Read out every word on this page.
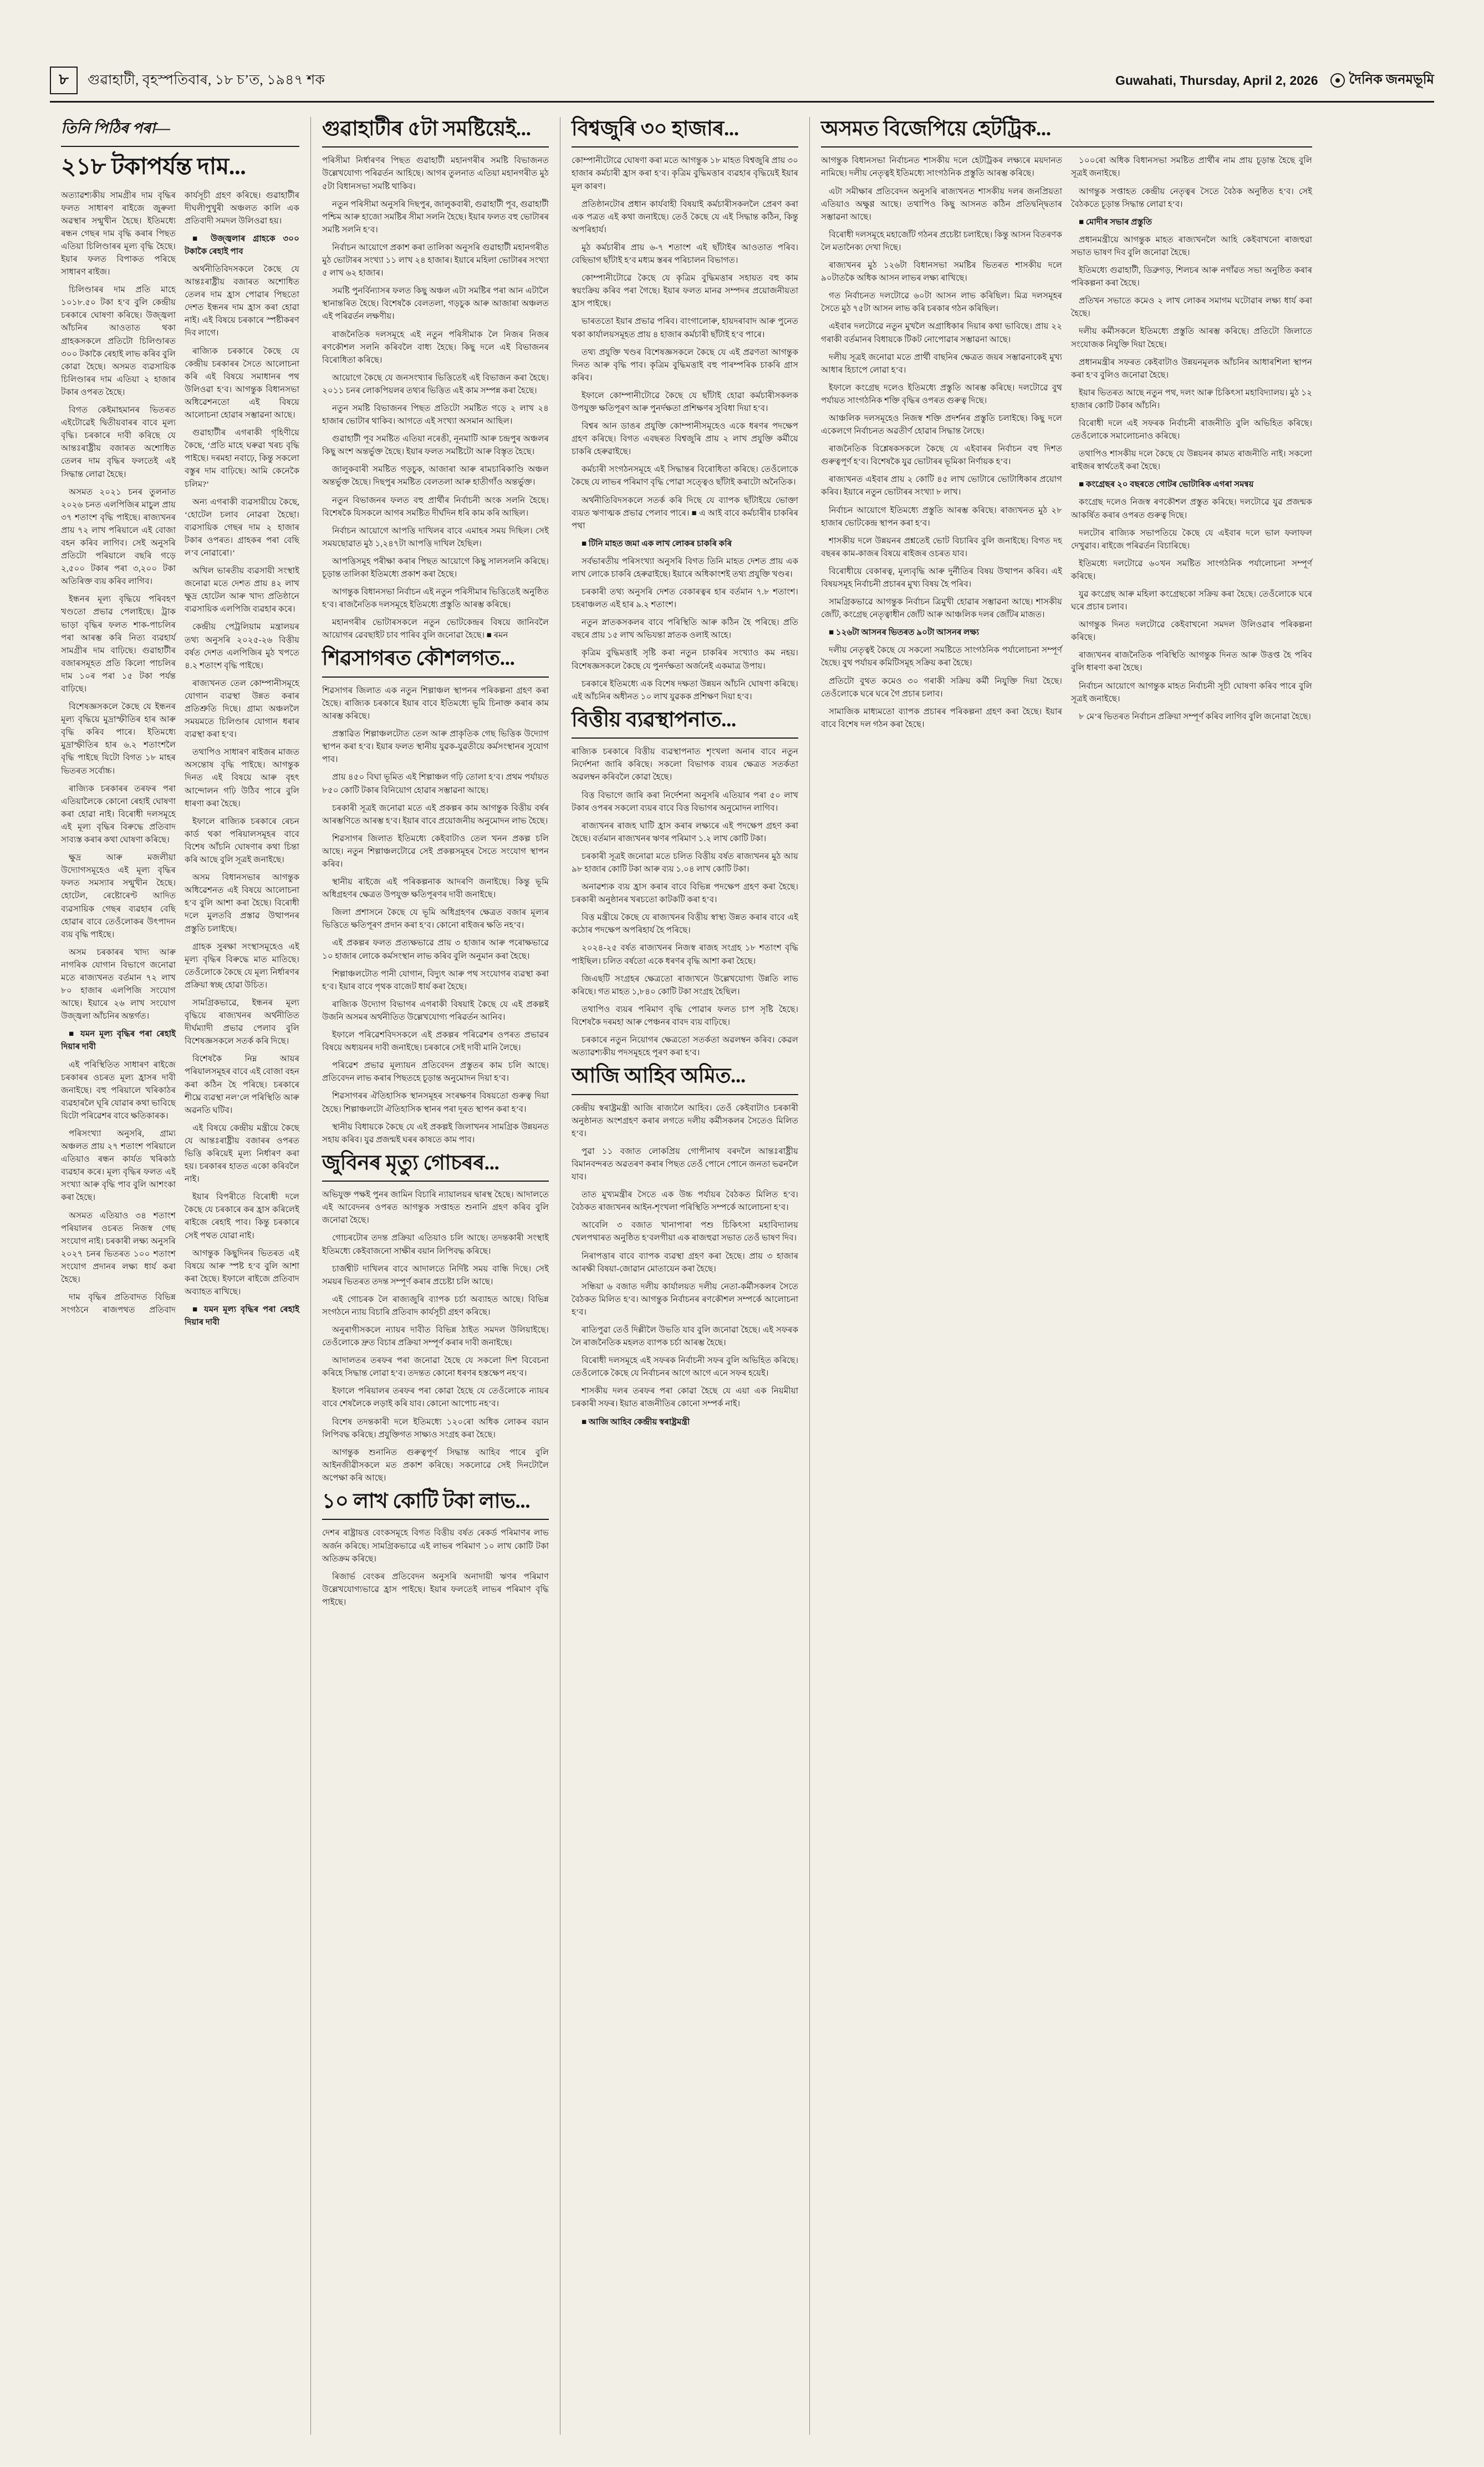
৮	গুৱাহাটী, বৃহস্পতিবাৰ, ১৮ চ’ত, ১৯৪৭ শক	Guwahati, Thursday, April 2, 2026 দৈনিক জনমভূমি
তিনি পিঠিৰ পৰা—
২১৮ টকাপৰ্যন্ত দাম...

অত্যাৱশ্যকীয় সামগ্ৰীৰ দাম বৃদ্ধিৰ ফলত সাধাৰণ ৰাইজে জুৰুলা অৱস্থাৰ সন্মুখীন হৈছে। ইতিমধ্যে ৰন্ধন গেছৰ দাম বৃদ্ধি কৰাৰ পিছত এতিয়া চিলিণ্ডাৰৰ মূল্য বৃদ্ধি হৈছে। ইয়াৰ ফলত বিপাকত পৰিছে সাধাৰণ ৰাইজ।

চিলিণ্ডাৰৰ দাম প্ৰতি মাহে ১০১৮.৫০ টকা হ’ব বুলি কেন্দ্ৰীয় চৰকাৰে ঘোষণা কৰিছে। উজ্জ্বলা আঁচনিৰ আওতাত থকা গ্ৰাহকসকলে প্ৰতিটো চিলিণ্ডাৰত ৩০০ টকাকৈ ৰেহাই লাভ কৰিব বুলি কোৱা হৈছে। অসমত ব্যৱসায়িক চিলিণ্ডাৰৰ দাম এতিয়া ২ হাজাৰ টকাৰ ওপৰত হৈছে।

বিগত কেইমাহমানৰ ভিতৰত এইটোৱেই দ্বিতীয়বাৰৰ বাবে মূল্য বৃদ্ধি। চৰকাৰে দাবী কৰিছে যে আন্তঃৰাষ্ট্ৰীয় বজাৰত অশোধিত তেলৰ দাম বৃদ্ধিৰ ফলতেই এই সিদ্ধান্ত লোৱা হৈছে।

অসমত ২০২১ চনৰ তুলনাত ২০২৬ চনত এলপিজিৰ মাচুল প্ৰায় ৩৭ শতাংশ বৃদ্ধি পাইছে। ৰাজ্যখনৰ প্ৰায় ৭২ লাখ পৰিয়ালে এই বোজা বহন কৰিব লাগিব। সেই অনুসৰি প্ৰতিটো পৰিয়ালে বছৰি গড়ে ২,৫০০ টকাৰ পৰা ৩,২০০ টকা অতিৰিক্ত ব্যয় কৰিব লাগিব।

ইন্ধনৰ মূল্য বৃদ্ধিয়ে পৰিবহণ খণ্ডতো প্ৰভাৱ পেলাইছে। ট্ৰাক ভাড়া বৃদ্ধিৰ ফলত শাক-পাচলিৰ পৰা আৰম্ভ কৰি নিত্য ব্যৱহাৰ্য সামগ্ৰীৰ দাম বাঢ়িছে। গুৱাহাটীৰ বজাৰসমূহত প্ৰতি কিলো পাচলিৰ দাম ১০ৰ পৰা ১৫ টকা পৰ্যন্ত বাঢ়িছে।

বিশেষজ্ঞসকলে কৈছে যে ইন্ধনৰ মূল্য বৃদ্ধিয়ে মুদ্ৰাস্ফীতিৰ হাৰ আৰু বৃদ্ধি কৰিব পাৰে। ইতিমধ্যে মুদ্ৰাস্ফীতিৰ হাৰ ৬.২ শতাংশলৈ বৃদ্ধি পাইছে যিটো বিগত ১৮ মাহৰ ভিতৰত সৰ্বোচ্চ।

ৰাজ্যিক চৰকাৰৰ তৰফৰ পৰা এতিয়ালৈকে কোনো ৰেহাই ঘোষণা কৰা হোৱা নাই। বিৰোধী দলসমূহে এই মূল্য বৃদ্ধিৰ বিৰুদ্ধে প্ৰতিবাদ সাব্যস্ত কৰাৰ কথা ঘোষণা কৰিছে।

ক্ষুদ্ৰ আৰু মজলীয়া উদ্যোগসমূহেও এই মূল্য বৃদ্ধিৰ ফলত সমস্যাৰ সন্মুখীন হৈছে। হোটেল, ৰেষ্টোৰেণ্ট আদিত ব্যৱসায়িক গেছৰ ব্যৱহাৰ বেছি হোৱাৰ বাবে তেওঁলোকৰ উৎপাদন ব্যয় বৃদ্ধি পাইছে।

অসম চৰকাৰৰ খাদ্য আৰু নাগৰিক যোগান বিভাগে জনোৱা মতে ৰাজ্যখনত বৰ্তমান ৭২ লাখ ৮০ হাজাৰ এলপিজি সংযোগ আছে। ইয়াৰে ২৬ লাখ সংযোগ উজ্জ্বলা আঁচনিৰ অন্তৰ্গত।

■ যমন মূল্য বৃদ্ধিৰ পৰা ৰেহাই দিয়াৰ দাবী

এই পৰিস্থিতিত সাধাৰণ ৰাইজে চৰকাৰৰ ওচৰত মূল্য হ্ৰাসৰ দাবী জনাইছে। বহু পৰিয়ালে খৰিকাঠৰ ব্যৱহাৰলৈ ঘূৰি যোৱাৰ কথা ভাবিছে যিটো পৰিৱেশৰ বাবে ক্ষতিকাৰক।

পৰিসংখ্যা অনুসৰি, গ্ৰাম্য অঞ্চলত প্ৰায় ২৭ শতাংশ পৰিয়ালে এতিয়াও ৰন্ধন কাৰ্যত খৰিকাঠ ব্যৱহাৰ কৰে। মূল্য বৃদ্ধিৰ ফলত এই সংখ্যা আৰু বৃদ্ধি পাব বুলি আশংকা কৰা হৈছে।

অসমত এতিয়াও ৩৪ শতাংশ পৰিয়ালৰ ওচৰত নিজস্ব গেছ সংযোগ নাই। চৰকাৰী লক্ষ্য অনুসৰি ২০২৭ চনৰ ভিতৰত ১০০ শতাংশ সংযোগ প্ৰদানৰ লক্ষ্য ধাৰ্য কৰা হৈছে।

দাম বৃদ্ধিৰ প্ৰতিবাদত বিভিন্ন সংগঠনে ৰাজপথত প্ৰতিবাদ কাৰ্যসূচী গ্ৰহণ কৰিছে। গুৱাহাটীৰ দীঘলীপুখুৰী অঞ্চলত কালি এক প্ৰতিবাদী সমদল উলিওৱা হয়।

■ উজ্জ্বলাৰ গ্ৰাহকে ৩০০ টকাকৈ ৰেহাই পাব

অৰ্থনীতিবিদসকলে কৈছে যে আন্তঃৰাষ্ট্ৰীয় বজাৰত অশোধিত তেলৰ দাম হ্ৰাস পোৱাৰ পিছতো দেশত ইন্ধনৰ দাম হ্ৰাস কৰা হোৱা নাই। এই বিষয়ে চৰকাৰে স্পষ্টীকৰণ দিব লাগে।

ৰাজ্যিক চৰকাৰে কৈছে যে কেন্দ্ৰীয় চৰকাৰৰ সৈতে আলোচনা কৰি এই বিষয়ে সমাধানৰ পথ উলিওৱা হ’ব। আগন্তুক বিধানসভা অধিৱেশনতো এই বিষয়ে আলোচনা হোৱাৰ সম্ভাৱনা আছে।

গুৱাহাটীৰ এগৰাকী গৃহিণীয়ে কৈছে, ‘প্ৰতি মাহে ঘৰুৱা খৰচ বৃদ্ধি পাইছে। দৰমহা নবাঢ়ে, কিন্তু সকলো বস্তুৰ দাম বাঢ়িছে। আমি কেনেকৈ চলিম?’

অন্য এগৰাকী ব্যৱসায়ীয়ে কৈছে, ‘হোটেল চলাব নোৱৰা হৈছো। ব্যৱসায়িক গেছৰ দাম ২ হাজাৰ টকাৰ ওপৰত। গ্ৰাহকৰ পৰা বেছি ল’ব নোৱাৰো।’

অখিল ভাৰতীয় ব্যৱসায়ী সংস্থাই জনোৱা মতে দেশত প্ৰায় ৪২ লাখ ক্ষুদ্ৰ হোটেল আৰু খাদ্য প্ৰতিষ্ঠানে ব্যৱসায়িক এলপিজি ব্যৱহাৰ কৰে।

কেন্দ্ৰীয় পেট্ৰলিয়াম মন্ত্ৰালয়ৰ তথ্য অনুসৰি ২০২৫-২৬ বিত্তীয় বৰ্ষত দেশত এলপিজিৰ মুঠ খপতে ৪.২ শতাংশ বৃদ্ধি পাইছে।

ৰাজ্যখনত তেল কোম্পানীসমূহে যোগান ব্যৱস্থা উন্নত কৰাৰ প্ৰতিশ্ৰুতি দিছে। গ্ৰাম্য অঞ্চললৈ সময়মতে চিলিণ্ডাৰ যোগান ধৰাৰ ব্যৱস্থা কৰা হ’ব।

তথাপিও সাধাৰণ ৰাইজৰ মাজত অসন্তোষ বৃদ্ধি পাইছে। আগন্তুক দিনত এই বিষয়ে আৰু বৃহৎ আন্দোলন গঢ়ি উঠিব পাৰে বুলি ধাৰণা কৰা হৈছে।

ইফালে ৰাজ্যিক চৰকাৰে ৰেচন কাৰ্ড থকা পৰিয়ালসমূহৰ বাবে বিশেষ আঁচনি ঘোষণাৰ কথা চিন্তা কৰি আছে বুলি সূত্ৰই জনাইছে।

অসম বিধানসভাৰ আগন্তুক অধিৱেশনত এই বিষয়ে আলোচনা হ’ব বুলি আশা কৰা হৈছে। বিৰোধী দলে মুলতবি প্ৰস্তাৱ উত্থাপনৰ প্ৰস্তুতি চলাইছে।

গ্ৰাহক সুৰক্ষা সংস্থাসমূহেও এই মূল্য বৃদ্ধিৰ বিৰুদ্ধে মাত মাতিছে। তেওঁলোকে কৈছে যে মূল্য নিৰ্ধাৰণৰ প্ৰক্ৰিয়া স্বচ্ছ হোৱা উচিত।

সামগ্ৰিকভাৱে, ইন্ধনৰ মূল্য বৃদ্ধিয়ে ৰাজ্যখনৰ অৰ্থনীতিত দীৰ্ঘম্যাদী প্ৰভাৱ পেলাব বুলি বিশেষজ্ঞসকলে সতৰ্ক কৰি দিছে।

বিশেষকৈ নিম্ন আয়ৰ পৰিয়ালসমূহৰ বাবে এই বোজা বহন কৰা কঠিন হৈ পৰিছে। চৰকাৰে শীঘ্ৰে ব্যৱস্থা নল’লে পৰিস্থিতি আৰু অৱনতি ঘটিব।

এই বিষয়ে কেন্দ্ৰীয় মন্ত্ৰীয়ে কৈছে যে আন্তঃৰাষ্ট্ৰীয় বজাৰৰ ওপৰত ভিত্তি কৰিয়েই মূল্য নিৰ্ধাৰণ কৰা হয়। চৰকাৰৰ হাতত একো কৰিবলৈ নাই।

ইয়াৰ বিপৰীতে বিৰোধী দলে কৈছে যে চৰকাৰে কৰ হ্ৰাস কৰিলেই ৰাইজে ৰেহাই পাব। কিন্তু চৰকাৰে সেই পথত যোৱা নাই।

আগন্তুক কিছুদিনৰ ভিতৰত এই বিষয়ে আৰু স্পষ্ট হ’ব বুলি আশা কৰা হৈছে। ইফালে ৰাইজে প্ৰতিবাদ অব্যাহত ৰাখিছে।

■ যমন মূল্য বৃদ্ধিৰ পৰা ৰেহাই দিয়াৰ দাবী

গুৱাহাটীৰ ৫টা সমষ্টিয়েই...

পৰিসীমা নিৰ্ধাৰণৰ পিছত গুৱাহাটী মহানগৰীৰ সমষ্টি বিভাজনত উল্লেখযোগ্য পৰিৱৰ্তন আহিছে। আগৰ তুলনাত এতিয়া মহানগৰীত মুঠ ৫টা বিধানসভা সমষ্টি থাকিব।

নতুন পৰিসীমা অনুসৰি দিছপুৰ, জালুকবাৰী, গুৱাহাটী পূব, গুৱাহাটী পশ্চিম আৰু হাজো সমষ্টিৰ সীমা সলনি হৈছে। ইয়াৰ ফলত বহু ভোটাৰৰ সমষ্টি সলনি হ’ব।

নিৰ্বাচন আয়োগে প্ৰকাশ কৰা তালিকা অনুসৰি গুৱাহাটী মহানগৰীত মুঠ ভোটাৰৰ সংখ্যা ১১ লাখ ২৪ হাজাৰ। ইয়াৰে মহিলা ভোটাৰৰ সংখ্যা ৫ লাখ ৬২ হাজাৰ।

সমষ্টি পুনৰ্বিন্যাসৰ ফলত কিছু অঞ্চল এটা সমষ্টিৰ পৰা আন এটালৈ স্থানান্তৰিত হৈছে। বিশেষকৈ বেলতলা, গড়চুক আৰু আজাৰা অঞ্চলত এই পৰিৱৰ্তন লক্ষণীয়।

ৰাজনৈতিক দলসমূহে এই নতুন পৰিসীমাক লৈ নিজৰ নিজৰ ৰণকৌশল সলনি কৰিবলৈ বাধ্য হৈছে। কিছু দলে এই বিভাজনৰ বিৰোধিতা কৰিছে।

আয়োগে কৈছে যে জনসংখ্যাৰ ভিত্তিতেই এই বিভাজন কৰা হৈছে। ২০১১ চনৰ লোকপিয়লৰ তথ্যৰ ভিত্তিত এই কাম সম্পন্ন কৰা হৈছে।

নতুন সমষ্টি বিভাজনৰ পিছত প্ৰতিটো সমষ্টিত গড়ে ২ লাখ ২৪ হাজাৰ ভোটাৰ থাকিব। আগতে এই সংখ্যা অসমান আছিল।

গুৱাহাটী পূব সমষ্টিত এতিয়া নৰেঙী, নূনমাটি আৰু চন্দ্ৰপুৰ অঞ্চলৰ কিছু অংশ অন্তৰ্ভুক্ত হৈছে। ইয়াৰ ফলত সমষ্টিটো আৰু বিস্তৃত হৈছে।

জালুকবাৰী সমষ্টিত গড়চুক, আজাৰা আৰু ৰামচাৰিকাণ্ডি অঞ্চল অন্তৰ্ভুক্ত হৈছে। দিছপুৰ সমষ্টিত বেলতলা আৰু হাতীগাঁও অন্তৰ্ভুক্ত।

নতুন বিভাজনৰ ফলত বহু প্ৰাৰ্থীৰ নিৰ্বাচনী অংক সলনি হৈছে। বিশেষকৈ যিসকলে আগৰ সমষ্টিত দীৰ্ঘদিন ধৰি কাম কৰি আছিল।

নিৰ্বাচন আয়োগে আপত্তি দাখিলৰ বাবে এমাহৰ সময় দিছিল। সেই সময়ছোৱাত মুঠ ১,২৪৭টা আপত্তি দাখিল হৈছিল।

আপত্তিসমূহ পৰীক্ষা কৰাৰ পিছত আয়োগে কিছু সালসলনি কৰিছে। চূড়ান্ত তালিকা ইতিমধ্যে প্ৰকাশ কৰা হৈছে।

আগন্তুক বিধানসভা নিৰ্বাচন এই নতুন পৰিসীমাৰ ভিত্তিতেই অনুষ্ঠিত হ’ব। ৰাজনৈতিক দলসমূহে ইতিমধ্যে প্ৰস্তুতি আৰম্ভ কৰিছে।

মহানগৰীৰ ভোটাৰসকলে নতুন ভোটকেন্দ্ৰৰ বিষয়ে জানিবলৈ আয়োগৰ ৱেবছাইট চাব পাৰিব বুলি জনোৱা হৈছে। ■ ৰমন

শিৱসাগৰত কৌশলগত...

শিৱসাগৰ জিলাত এক নতুন শিল্পাঞ্চল স্থাপনৰ পৰিকল্পনা গ্ৰহণ কৰা হৈছে। ৰাজ্যিক চৰকাৰে ইয়াৰ বাবে ইতিমধ্যে ভূমি চিনাক্ত কৰাৰ কাম আৰম্ভ কৰিছে।

প্ৰস্তাৱিত শিল্পাঞ্চলটোত তেল আৰু প্ৰাকৃতিক গেছ ভিত্তিক উদ্যোগ স্থাপন কৰা হ’ব। ইয়াৰ ফলত স্থানীয় যুৱক-যুৱতীয়ে কৰ্মসংস্থানৰ সুযোগ পাব।

প্ৰায় ৪৫০ বিঘা ভূমিত এই শিল্পাঞ্চল গঢ়ি তোলা হ’ব। প্ৰথম পৰ্যায়ত ৮৫০ কোটি টকাৰ বিনিয়োগ হোৱাৰ সম্ভাৱনা আছে।

চৰকাৰী সূত্ৰই জনোৱা মতে এই প্ৰকল্পৰ কাম আগন্তুক বিত্তীয় বৰ্ষৰ আৰম্ভণিতে আৰম্ভ হ’ব। ইয়াৰ বাবে প্ৰয়োজনীয় অনুমোদন লাভ হৈছে।

শিৱসাগৰ জিলাত ইতিমধ্যে কেইবাটাও তেল খনন প্ৰকল্প চলি আছে। নতুন শিল্পাঞ্চলটোৱে সেই প্ৰকল্পসমূহৰ সৈতে সংযোগ স্থাপন কৰিব।

স্থানীয় ৰাইজে এই পৰিকল্পনাক আদৰণি জনাইছে। কিন্তু ভূমি অধিগ্ৰহণৰ ক্ষেত্ৰত উপযুক্ত ক্ষতিপূৰণৰ দাবী জনাইছে।

জিলা প্ৰশাসনে কৈছে যে ভূমি অধিগ্ৰহণৰ ক্ষেত্ৰত বজাৰ মূল্যৰ ভিত্তিতে ক্ষতিপূৰণ প্ৰদান কৰা হ’ব। কোনো ৰাইজৰ ক্ষতি নহ’ব।

এই প্ৰকল্পৰ ফলত প্ৰত্যক্ষভাৱে প্ৰায় ৩ হাজাৰ আৰু পৰোক্ষভাৱে ১০ হাজাৰ লোকে কৰ্মসংস্থান লাভ কৰিব বুলি অনুমান কৰা হৈছে।

শিল্পাঞ্চলটোত পানী যোগান, বিদ্যুৎ আৰু পথ সংযোগৰ ব্যৱস্থা কৰা হ’ব। ইয়াৰ বাবে পৃথক বাজেট ধাৰ্য কৰা হৈছে।

ৰাজ্যিক উদ্যোগ বিভাগৰ এগৰাকী বিষয়াই কৈছে যে এই প্ৰকল্পই উজনি অসমৰ অৰ্থনীতিত উল্লেখযোগ্য পৰিৱৰ্তন আনিব।

ইফালে পৰিৱেশবিদসকলে এই প্ৰকল্পৰ পৰিৱেশৰ ওপৰত প্ৰভাৱৰ বিষয়ে অধ্যয়নৰ দাবী জনাইছে। চৰকাৰে সেই দাবী মানি লৈছে।

পৰিৱেশ প্ৰভাৱ মূল্যায়ন প্ৰতিবেদন প্ৰস্তুতৰ কাম চলি আছে। প্ৰতিবেদন লাভ কৰাৰ পিছতহে চূড়ান্ত অনুমোদন দিয়া হ’ব।

শিৱসাগৰৰ ঐতিহাসিক স্থানসমূহৰ সংৰক্ষণৰ বিষয়তো গুৰুত্ব দিয়া হৈছে। শিল্পাঞ্চলটো ঐতিহাসিক স্থানৰ পৰা দূৰত স্থাপন কৰা হ’ব।

স্থানীয় বিধায়কে কৈছে যে এই প্ৰকল্পই জিলাখনৰ সামগ্ৰিক উন্নয়নত সহায় কৰিব। যুৱ প্ৰজন্মই ঘৰৰ কাষতে কাম পাব।

জুবিনৰ মৃত্যু গোচৰৰ...

অভিযুক্ত পক্ষই পুনৰ জামিন বিচাৰি ন্যায়ালয়ৰ দ্বাৰস্থ হৈছে। আদালতে এই আবেদনৰ ওপৰত আগন্তুক সপ্তাহত শুনানি গ্ৰহণ কৰিব বুলি জনোৱা হৈছে।

গোচৰটোৰ তদন্ত প্ৰক্ৰিয়া এতিয়াও চলি আছে। তদন্তকাৰী সংস্থাই ইতিমধ্যে কেইবাজনো সাক্ষীৰ বয়ান লিপিবদ্ধ কৰিছে।

চাৰ্জশ্বীট দাখিলৰ বাবে আদালতে নিৰ্দিষ্ট সময় বান্ধি দিছে। সেই সময়ৰ ভিতৰত তদন্ত সম্পূৰ্ণ কৰাৰ প্ৰচেষ্টা চলি আছে।

এই গোচৰক লৈ ৰাজ্যজুৰি ব্যাপক চৰ্চা অব্যাহত আছে। বিভিন্ন সংগঠনে ন্যায় বিচাৰি প্ৰতিবাদ কাৰ্যসূচী গ্ৰহণ কৰিছে।

অনুৰাগীসকলে ন্যায়ৰ দাবীত বিভিন্ন ঠাইত সমদল উলিয়াইছে। তেওঁলোকে দ্ৰুত বিচাৰ প্ৰক্ৰিয়া সম্পূৰ্ণ কৰাৰ দাবী জনাইছে।

আদালতৰ তৰফৰ পৰা জনোৱা হৈছে যে সকলো দিশ বিবেচনা কৰিহে সিদ্ধান্ত লোৱা হ’ব। তদন্তত কোনো ধৰণৰ হস্তক্ষেপ নহ’ব।

ইফালে পৰিয়ালৰ তৰফৰ পৰা কোৱা হৈছে যে তেওঁলোকে ন্যায়ৰ বাবে শেষলৈকে লড়াই কৰি যাব। কোনো আপোচ নহ’ব।

বিশেষ তদন্তকাৰী দলে ইতিমধ্যে ১২০ৰো অধিক লোকৰ বয়ান লিপিবদ্ধ কৰিছে। প্ৰযুক্তিগত সাক্ষ্যও সংগ্ৰহ কৰা হৈছে।

আগন্তুক শুনানিত গুৰুত্বপূৰ্ণ সিদ্ধান্ত আহিব পাৰে বুলি আইনজীৱীসকলে মত প্ৰকাশ কৰিছে। সকলোৱে সেই দিনটোলৈ অপেক্ষা কৰি আছে।

১০ লাখ কোটি টকা লাভ...

দেশৰ ৰাষ্ট্ৰায়ত্ত বেংকসমূহে বিগত বিত্তীয় বৰ্ষত ৰেকৰ্ড পৰিমাণৰ লাভ অৰ্জন কৰিছে। সামগ্ৰিকভাৱে এই লাভৰ পৰিমাণ ১০ লাখ কোটি টকা অতিক্ৰম কৰিছে।

ৰিজাৰ্ভ বেংকৰ প্ৰতিবেদন অনুসৰি অনাদায়ী ঋণৰ পৰিমাণ উল্লেখযোগ্যভাৱে হ্ৰাস পাইছে। ইয়াৰ ফলতেই লাভৰ পৰিমাণ বৃদ্ধি পাইছে।

বিশ্বজুৰি ৩০ হাজাৰ...

কোম্পানীটোৱে ঘোষণা কৰা মতে আগন্তুক ১৮ মাহত বিশ্বজুৰি প্ৰায় ৩০ হাজাৰ কৰ্মচাৰী হ্ৰাস কৰা হ’ব। কৃত্ৰিম বুদ্ধিমত্তাৰ ব্যৱহাৰ বৃদ্ধিয়েই ইয়াৰ মূল কাৰণ।

প্ৰতিষ্ঠানটোৰ প্ৰধান কাৰ্যবাহী বিষয়াই কৰ্মচাৰীসকললৈ প্ৰেৰণ কৰা এক পত্ৰত এই কথা জনাইছে। তেওঁ কৈছে যে এই সিদ্ধান্ত কঠিন, কিন্তু অপৰিহাৰ্য।

মুঠ কৰ্মচাৰীৰ প্ৰায় ৬-৭ শতাংশ এই ছাঁটাইৰ আওতাত পৰিব। বেছিভাগ ছাঁটাই হ’ব মধ্যম স্তৰৰ পৰিচালন বিভাগত।

কোম্পানীটোৱে কৈছে যে কৃত্ৰিম বুদ্ধিমত্তাৰ সহায়ত বহু কাম স্বয়ংক্ৰিয় কৰিব পৰা গৈছে। ইয়াৰ ফলত মানৱ সম্পদৰ প্ৰয়োজনীয়তা হ্ৰাস পাইছে।

ভাৰততো ইয়াৰ প্ৰভাৱ পৰিব। বাংগালোৰু, হায়দৰাবাদ আৰু পুনেত থকা কাৰ্যালয়সমূহত প্ৰায় ৪ হাজাৰ কৰ্মচাৰী ছাঁটাই হ’ব পাৰে।

তথ্য প্ৰযুক্তি খণ্ডৰ বিশেষজ্ঞসকলে কৈছে যে এই প্ৰৱণতা আগন্তুক দিনত আৰু বৃদ্ধি পাব। কৃত্ৰিম বুদ্ধিমত্তাই বহু পাৰম্পৰিক চাকৰি গ্ৰাস কৰিব।

ইফালে কোম্পানীটোৱে কৈছে যে ছাঁটাই হোৱা কৰ্মচাৰীসকলক উপযুক্ত ক্ষতিপূৰণ আৰু পুনৰ্দক্ষতা প্ৰশিক্ষণৰ সুবিধা দিয়া হ’ব।

বিশ্বৰ আন ডাঙৰ প্ৰযুক্তি কোম্পানীসমূহেও একে ধৰণৰ পদক্ষেপ গ্ৰহণ কৰিছে। বিগত এবছৰত বিশ্বজুৰি প্ৰায় ২ লাখ প্ৰযুক্তি কৰ্মীয়ে চাকৰি হেৰুৱাইছে।

কৰ্মচাৰী সংগঠনসমূহে এই সিদ্ধান্তৰ বিৰোধিতা কৰিছে। তেওঁলোকে কৈছে যে লাভৰ পৰিমাণ বৃদ্ধি পোৱা সত্ত্বেও ছাঁটাই কৰাটো অনৈতিক।

অৰ্থনীতিবিদসকলে সতৰ্ক কৰি দিছে যে ব্যাপক ছাঁটাইয়ে ভোক্তা ব্যয়ত ঋণাত্মক প্ৰভাৱ পেলাব পাৰে। ■ এ আই বাবে কৰ্মচাৰীৰ চাকৰিৰ পথা

■ টিনি মাহত জমা এক লাখ লোকৰ চাকৰি কৰি

সৰ্বভাৰতীয় পৰিসংখ্যা অনুসৰি বিগত তিনি মাহত দেশত প্ৰায় এক লাখ লোকে চাকৰি হেৰুৱাইছে। ইয়াৰে অধিকাংশই তথ্য প্ৰযুক্তি খণ্ডৰ।

চৰকাৰী তথ্য অনুসৰি দেশত বেকাৰত্বৰ হাৰ বৰ্তমান ৭.৮ শতাংশ। চহৰাঞ্চলত এই হাৰ ৯.২ শতাংশ।

নতুন স্নাতকসকলৰ বাবে পৰিস্থিতি আৰু কঠিন হৈ পৰিছে। প্ৰতি বছৰে প্ৰায় ১৫ লাখ অভিযন্তা স্নাতক ওলাই আহে।

কৃত্ৰিম বুদ্ধিমত্তাই সৃষ্টি কৰা নতুন চাকৰিৰ সংখ্যাও কম নহয়। বিশেষজ্ঞসকলে কৈছে যে পুনৰ্দক্ষতা অৰ্জনেই একমাত্ৰ উপায়।

চৰকাৰে ইতিমধ্যে এক বিশেষ দক্ষতা উন্নয়ন আঁচনি ঘোষণা কৰিছে। এই আঁচনিৰ অধীনত ১০ লাখ যুৱকক প্ৰশিক্ষণ দিয়া হ’ব।

বিত্তীয় ব্যৱস্থাপনাত...

ৰাজ্যিক চৰকাৰে বিত্তীয় ব্যৱস্থাপনাত শৃংখলা অনাৰ বাবে নতুন নিৰ্দেশনা জাৰি কৰিছে। সকলো বিভাগক ব্যয়ৰ ক্ষেত্ৰত সতৰ্কতা অৱলম্বন কৰিবলৈ কোৱা হৈছে।

বিত্ত বিভাগে জাৰি কৰা নিৰ্দেশনা অনুসৰি এতিয়াৰ পৰা ৫০ লাখ টকাৰ ওপৰৰ সকলো ব্যয়ৰ বাবে বিত্ত বিভাগৰ অনুমোদন লাগিব।

ৰাজ্যখনৰ ৰাজহ ঘাটি হ্ৰাস কৰাৰ লক্ষ্যৰে এই পদক্ষেপ গ্ৰহণ কৰা হৈছে। বৰ্তমান ৰাজ্যখনৰ ঋণৰ পৰিমাণ ১.২ লাখ কোটি টকা।

চৰকাৰী সূত্ৰই জনোৱা মতে চলিত বিত্তীয় বৰ্ষত ৰাজ্যখনৰ মুঠ আয় ৯৮ হাজাৰ কোটি টকা আৰু ব্যয় ১.০৪ লাখ কোটি টকা।

অনাৱশ্যক ব্যয় হ্ৰাস কৰাৰ বাবে বিভিন্ন পদক্ষেপ গ্ৰহণ কৰা হৈছে। চৰকাৰী অনুষ্ঠানৰ খৰচতো কাটকটি কৰা হ’ব।

বিত্ত মন্ত্ৰীয়ে কৈছে যে ৰাজ্যখনৰ বিত্তীয় স্বাস্থ্য উন্নত কৰাৰ বাবে এই কঠোৰ পদক্ষেপ অপৰিহাৰ্য হৈ পৰিছে।

২০২৪-২৫ বৰ্ষত ৰাজ্যখনৰ নিজস্ব ৰাজহ সংগ্ৰহ ১৮ শতাংশ বৃদ্ধি পাইছিল। চলিত বৰ্ষতো একে ধৰণৰ বৃদ্ধি আশা কৰা হৈছে।

জিএছটি সংগ্ৰহৰ ক্ষেত্ৰতো ৰাজ্যখনে উল্লেখযোগ্য উন্নতি লাভ কৰিছে। গত মাহত ১,৮৪০ কোটি টকা সংগ্ৰহ হৈছিল।

তথাপিও ব্যয়ৰ পৰিমাণ বৃদ্ধি পোৱাৰ ফলত চাপ সৃষ্টি হৈছে। বিশেষকৈ দৰমহা আৰু পেঞ্চনৰ বাবদ ব্যয় বাঢ়িছে।

চৰকাৰে নতুন নিয়োগৰ ক্ষেত্ৰতো সতৰ্কতা অৱলম্বন কৰিব। কেৱল অত্যাৱশ্যকীয় পদসমূহহে পূৰণ কৰা হ’ব।

আজি আহিব অমিত...

কেন্দ্ৰীয় স্বৰাষ্ট্ৰমন্ত্ৰী আজি ৰাজ্যলৈ আহিব। তেওঁ কেইবাটাও চৰকাৰী অনুষ্ঠানত অংশগ্ৰহণ কৰাৰ লগতে দলীয় কৰ্মীসকলৰ সৈতেও মিলিত হ’ব।

পুৱা ১১ বজাত লোকপ্ৰিয় গোপীনাথ বৰদলৈ আন্তঃৰাষ্ট্ৰীয় বিমানবন্দৰত অৱতৰণ কৰাৰ পিছত তেওঁ পোনে পোনে জনতা ভৱনলৈ যাব।

তাত মুখ্যমন্ত্ৰীৰ সৈতে এক উচ্চ পৰ্যায়ৰ বৈঠকত মিলিত হ’ব। বৈঠকত ৰাজ্যখনৰ আইন-শৃংখলা পৰিস্থিতি সম্পৰ্কে আলোচনা হ’ব।

আবেলি ৩ বজাত খানাপাৰা পশু চিকিৎসা মহাবিদ্যালয় খেলপথাৰত অনুষ্ঠিত হ’বলগীয়া এক ৰাজহুৱা সভাত তেওঁ ভাষণ দিব।

নিৰাপত্তাৰ বাবে ব্যাপক ব্যৱস্থা গ্ৰহণ কৰা হৈছে। প্ৰায় ৩ হাজাৰ আৰক্ষী বিষয়া-জোৱান মোতায়েন কৰা হৈছে।

সন্ধিয়া ৬ বজাত দলীয় কাৰ্যালয়ত দলীয় নেতা-কৰ্মীসকলৰ সৈতে বৈঠকত মিলিত হ’ব। আগন্তুক নিৰ্বাচনৰ ৰণকৌশল সম্পৰ্কে আলোচনা হ’ব।

ৰাতিপুৱা তেওঁ দিল্লীলৈ উভতি যাব বুলি জনোৱা হৈছে। এই সফৰক লৈ ৰাজনৈতিক মহলত ব্যাপক চৰ্চা আৰম্ভ হৈছে।

বিৰোধী দলসমূহে এই সফৰক নিৰ্বাচনী সফৰ বুলি অভিহিত কৰিছে। তেওঁলোকে কৈছে যে নিৰ্বাচনৰ আগে আগে এনে সফৰ হয়েই।

শাসকীয় দলৰ তৰফৰ পৰা কোৱা হৈছে যে এয়া এক নিয়মীয়া চৰকাৰী সফৰ। ইয়াত ৰাজনীতিৰ কোনো সম্পৰ্ক নাই।

■ আজি আহিব কেন্দ্ৰীয় স্বৰাষ্ট্ৰমন্ত্ৰী

অসমত বিজেপিয়ে হেটট্ৰিক...

আগন্তুক বিধানসভা নিৰ্বাচনত শাসকীয় দলে হেটট্ৰিকৰ লক্ষ্যৰে ময়দানত নামিছে। দলীয় নেতৃত্বই ইতিমধ্যে সাংগঠনিক প্ৰস্তুতি আৰম্ভ কৰিছে।

এটা সমীক্ষাৰ প্ৰতিবেদন অনুসৰি ৰাজ্যখনত শাসকীয় দলৰ জনপ্ৰিয়তা এতিয়াও অক্ষুণ্ণ আছে। তথাপিও কিছু আসনত কঠিন প্ৰতিদ্বন্দ্বিতাৰ সম্ভাৱনা আছে।

বিৰোধী দলসমূহে মহাজোঁট গঠনৰ প্ৰচেষ্টা চলাইছে। কিন্তু আসন বিতৰণক লৈ মতানৈক্য দেখা দিছে।

ৰাজ্যখনৰ মুঠ ১২৬টা বিধানসভা সমষ্টিৰ ভিতৰত শাসকীয় দলে ৯০টাতকৈ অধিক আসন লাভৰ লক্ষ্য ৰাখিছে।

গত নিৰ্বাচনত দলটোৱে ৬০টা আসন লাভ কৰিছিল। মিত্ৰ দলসমূহৰ সৈতে মুঠ ৭৫টা আসন লাভ কৰি চৰকাৰ গঠন কৰিছিল।

এইবাৰ দলটোৱে নতুন মুখলৈ অগ্ৰাধিকাৰ দিয়াৰ কথা ভাবিছে। প্ৰায় ২২ গৰাকী বৰ্তমানৰ বিধায়কে টিকট নোপোৱাৰ সম্ভাৱনা আছে।

দলীয় সূত্ৰই জনোৱা মতে প্ৰাৰ্থী বাছনিৰ ক্ষেত্ৰত জয়ৰ সম্ভাৱনাকেই মুখ্য আধাৰ হিচাপে লোৱা হ’ব।

ইফালে কংগ্ৰেছ দলেও ইতিমধ্যে প্ৰস্তুতি আৰম্ভ কৰিছে। দলটোৱে বুথ পৰ্যায়ত সাংগঠনিক শক্তি বৃদ্ধিৰ ওপৰত গুৰুত্ব দিছে।

আঞ্চলিক দলসমূহেও নিজস্ব শক্তি প্ৰদৰ্শনৰ প্ৰস্তুতি চলাইছে। কিছু দলে একেলগে নিৰ্বাচনত অৱতীৰ্ণ হোৱাৰ সিদ্ধান্ত লৈছে।

ৰাজনৈতিক বিশ্লেষকসকলে কৈছে যে এইবাৰৰ নিৰ্বাচন বহু দিশত গুৰুত্বপূৰ্ণ হ’ব। বিশেষকৈ যুৱ ভোটাৰৰ ভূমিকা নিৰ্ণায়ক হ’ব।

ৰাজ্যখনত এইবাৰ প্ৰায় ২ কোটি ৪৫ লাখ ভোটাৰে ভোটাধিকাৰ প্ৰয়োগ কৰিব। ইয়াৰে নতুন ভোটাৰৰ সংখ্যা ৮ লাখ।

নিৰ্বাচন আয়োগে ইতিমধ্যে প্ৰস্তুতি আৰম্ভ কৰিছে। ৰাজ্যখনত মুঠ ২৮ হাজাৰ ভোটকেন্দ্ৰ স্থাপন কৰা হ’ব।

শাসকীয় দলে উন্নয়নৰ প্ৰশ্নতেই ভোট বিচাৰিব বুলি জনাইছে। বিগত দহ বছৰৰ কাম-কাজৰ বিষয়ে ৰাইজৰ ওচৰত যাব।

বিৰোধীয়ে বেকাৰত্ব, মূল্যবৃদ্ধি আৰু দুৰ্নীতিৰ বিষয় উত্থাপন কৰিব। এই বিষয়সমূহ নিৰ্বাচনী প্ৰচাৰৰ মুখ্য বিষয় হৈ পৰিব।

সামগ্ৰিকভাৱে আগন্তুক নিৰ্বাচন ত্ৰিমুখী হোৱাৰ সম্ভাৱনা আছে। শাসকীয় জোঁট, কংগ্ৰেছ নেতৃত্বাধীন জোঁট আৰু আঞ্চলিক দলৰ জোঁটৰ মাজত।

■ ১২৬টা আসনৰ ভিতৰত ৯০টা আসনৰ লক্ষ্য

দলীয় নেতৃত্বই কৈছে যে সকলো সমষ্টিতে সাংগঠনিক পৰ্যালোচনা সম্পূৰ্ণ হৈছে। বুথ পৰ্যায়ৰ কমিটিসমূহ সক্ৰিয় কৰা হৈছে।

প্ৰতিটো বুথত কমেও ৩০ গৰাকী সক্ৰিয় কৰ্মী নিযুক্তি দিয়া হৈছে। তেওঁলোকে ঘৰে ঘৰে গৈ প্ৰচাৰ চলাব।

সামাজিক মাধ্যমতো ব্যাপক প্ৰচাৰৰ পৰিকল্পনা গ্ৰহণ কৰা হৈছে। ইয়াৰ বাবে বিশেষ দল গঠন কৰা হৈছে।

১০০ৰো অধিক বিধানসভা সমষ্টিত প্ৰাৰ্থীৰ নাম প্ৰায় চূড়ান্ত হৈছে বুলি সূত্ৰই জনাইছে।

আগন্তুক সপ্তাহত কেন্দ্ৰীয় নেতৃত্বৰ সৈতে বৈঠক অনুষ্ঠিত হ’ব। সেই বৈঠকতে চূড়ান্ত সিদ্ধান্ত লোৱা হ’ব।

■ মোদীৰ সভাৰ প্ৰস্তুতি

প্ৰধানমন্ত্ৰীয়ে আগন্তুক মাহত ৰাজ্যখনলৈ আহি কেইবাখনো ৰাজহুৱা সভাত ভাষণ দিব বুলি জনোৱা হৈছে।

ইতিমধ্যে গুৱাহাটী, ডিব্ৰুগড়, শিলচৰ আৰু নগাঁৱত সভা অনুষ্ঠিত কৰাৰ পৰিকল্পনা কৰা হৈছে।

প্ৰতিখন সভাতে কমেও ২ লাখ লোকৰ সমাগম ঘটোৱাৰ লক্ষ্য ধাৰ্য কৰা হৈছে।

দলীয় কৰ্মীসকলে ইতিমধ্যে প্ৰস্তুতি আৰম্ভ কৰিছে। প্ৰতিটো জিলাতে সংযোজক নিযুক্তি দিয়া হৈছে।

প্ৰধানমন্ত্ৰীৰ সফৰত কেইবাটাও উন্নয়নমূলক আঁচনিৰ আধাৰশিলা স্থাপন কৰা হ’ব বুলিও জনোৱা হৈছে।

ইয়াৰ ভিতৰত আছে নতুন পথ, দলং আৰু চিকিৎসা মহাবিদ্যালয়। মুঠ ১২ হাজাৰ কোটি টকাৰ আঁচনি।

বিৰোধী দলে এই সফৰক নিৰ্বাচনী ৰাজনীতি বুলি অভিহিত কৰিছে। তেওঁলোকে সমালোচনাও কৰিছে।

তথাপিও শাসকীয় দলে কৈছে যে উন্নয়নৰ কামত ৰাজনীতি নাই। সকলো ৰাইজৰ স্বাৰ্থতেই কৰা হৈছে।

■ কংগ্ৰেছৰ ২০ বছৰতে গোটৰ ভোটাৰিক এগৰা সমন্বয়

কংগ্ৰেছ দলেও নিজস্ব ৰণকৌশল প্ৰস্তুত কৰিছে। দলটোৱে যুৱ প্ৰজন্মক আকৰ্ষিত কৰাৰ ওপৰত গুৰুত্ব দিছে।

দলটোৰ ৰাজ্যিক সভাপতিয়ে কৈছে যে এইবাৰ দলে ভাল ফলাফল দেখুৱাব। ৰাইজে পৰিৱৰ্তন বিচাৰিছে।

ইতিমধ্যে দলটোৱে ৬০খন সমষ্টিত সাংগঠনিক পৰ্যালোচনা সম্পূৰ্ণ কৰিছে।

যুৱ কংগ্ৰেছ আৰু মহিলা কংগ্ৰেছকো সক্ৰিয় কৰা হৈছে। তেওঁলোকে ঘৰে ঘৰে প্ৰচাৰ চলাব।

আগন্তুক দিনত দলটোৱে কেইবাখনো সমদল উলিওৱাৰ পৰিকল্পনা কৰিছে।

ৰাজ্যখনৰ ৰাজনৈতিক পৰিস্থিতি আগন্তুক দিনত আৰু উত্তপ্ত হৈ পৰিব বুলি ধাৰণা কৰা হৈছে।

নিৰ্বাচন আয়োগে আগন্তুক মাহত নিৰ্বাচনী সূচী ঘোষণা কৰিব পাৰে বুলি সূত্ৰই জনাইছে।

৮ মে’ৰ ভিতৰত নিৰ্বাচন প্ৰক্ৰিয়া সম্পূৰ্ণ কৰিব লাগিব বুলি জনোৱা হৈছে।
